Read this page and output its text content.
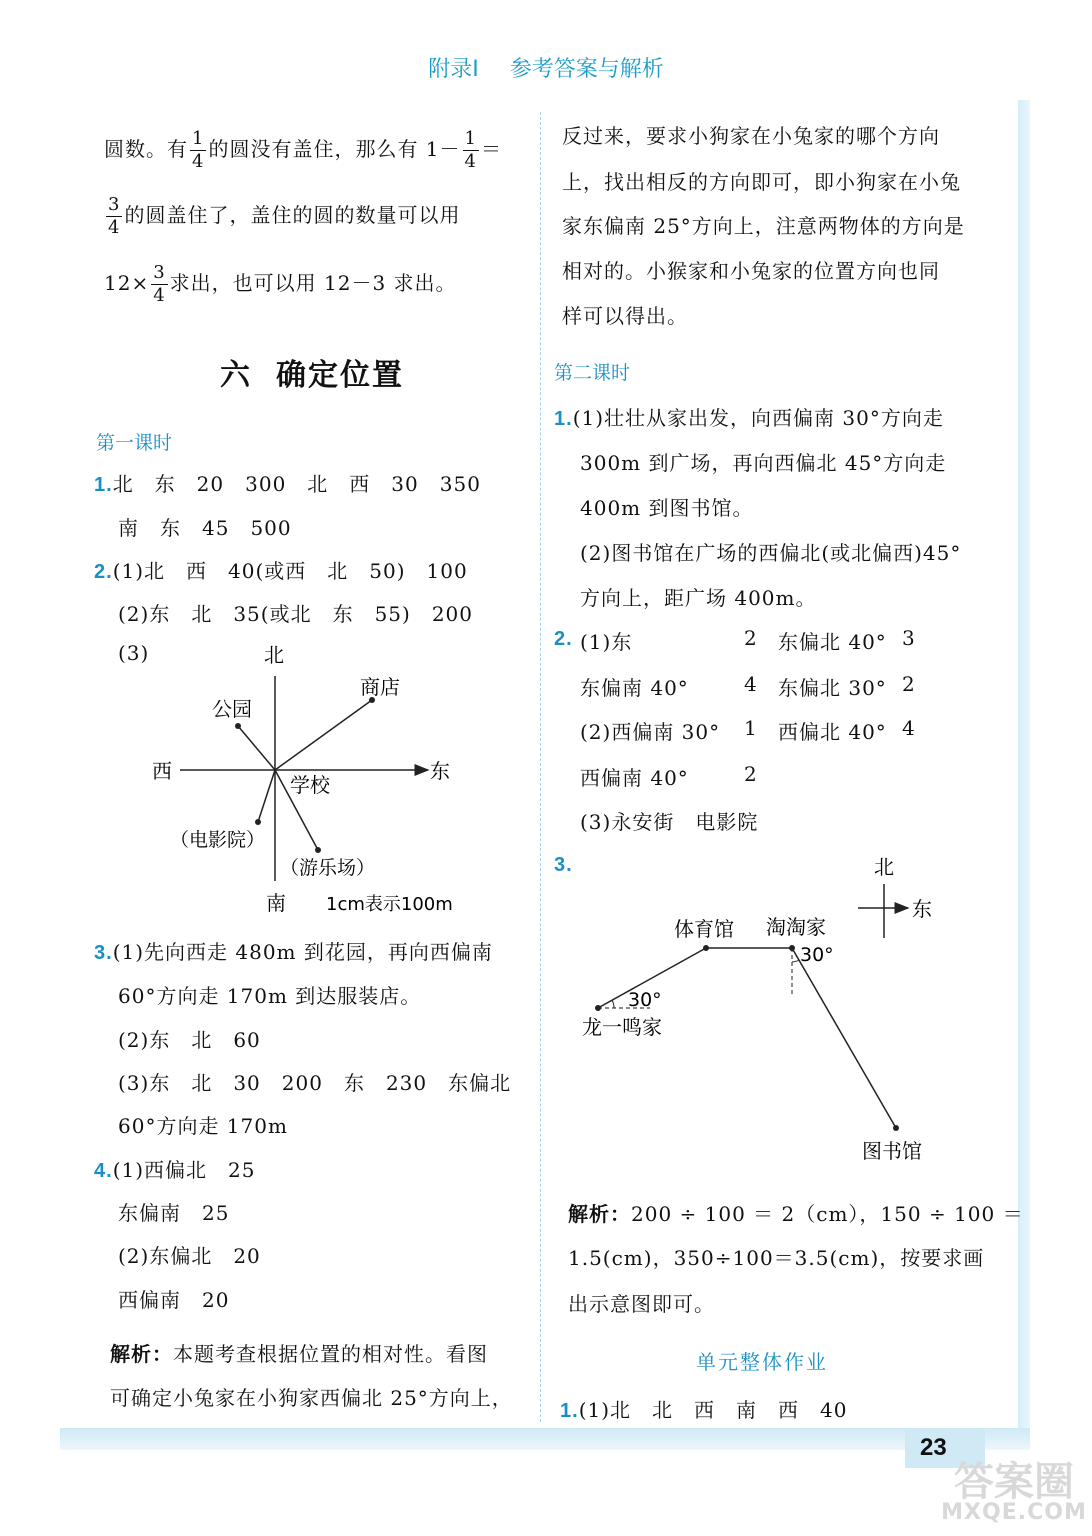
23
答案圈
MXQE.COM
附录Ⅰ 参考答案与解析
圆数。有 $\frac{1}{4}$ 的圆没有盖住，那么有 $1- \frac{1}{4}$ ＝
$\frac{3}{4}$ 的圆盖住了，盖住的圆的数量可以用
$12\times \frac{3}{4}$ 求出，也可以用 12－3 求出。
六 确定位置
第一课时
1.北　东　20　300　北　西　30　350
南　东　45　500
2.(1)北　西　40(或西　北　50)　100
(2)东　北　35(或北　东　55)　200
(3)	北
西	东
南
公园
商店
学校
（电影院）
（游乐场）
1cm表示100m
3.(1)先向西走 480m 到花园，再向西偏南
60°方向走 170m 到达服装店。
(2)东　北　60
(3)东　北　30　200　东　230　东偏北
60°方向走 170m
4.(1)西偏北　25
东偏南　25
(2)东偏北　20
西偏南　20
解析：本题考查根据位置的相对性。看图
可确定小兔家在小狗家西偏北 25°方向上，
反过来，要求小狗家在小兔家的哪个方向
上，找出相反的方向即可，即小狗家在小兔
家东偏南 25°方向上，注意两物体的方向是
相对的。小猴家和小兔家的位置方向也同
样可以得出。
第二课时
1.(1)壮壮从家出发，向西偏南 30°方向走
300m 到广场，再向西偏北 45°方向走
400m 到图书馆。
(2)图书馆在广场的西偏北(或北偏西)45°
方向上，距广场 400m。
2. (1)东	2 东偏北 40° 3
东偏南 40°	4 东偏北 30° 2
(2)西偏南 30° 1 西偏北 40° 4
西偏南 40°	2
(3)永安街　电影院
3.	北
东
体育馆 淘淘家
龙一鸣家
图书馆
30°
30°
解析：200 ÷ 100 ＝ 2（cm），150 ÷ 100 ＝
1.5(cm)，350÷100＝3.5(cm)，按要求画
出示意图即可。
单元整体作业
1.(1)北　北　西　南　西　40
